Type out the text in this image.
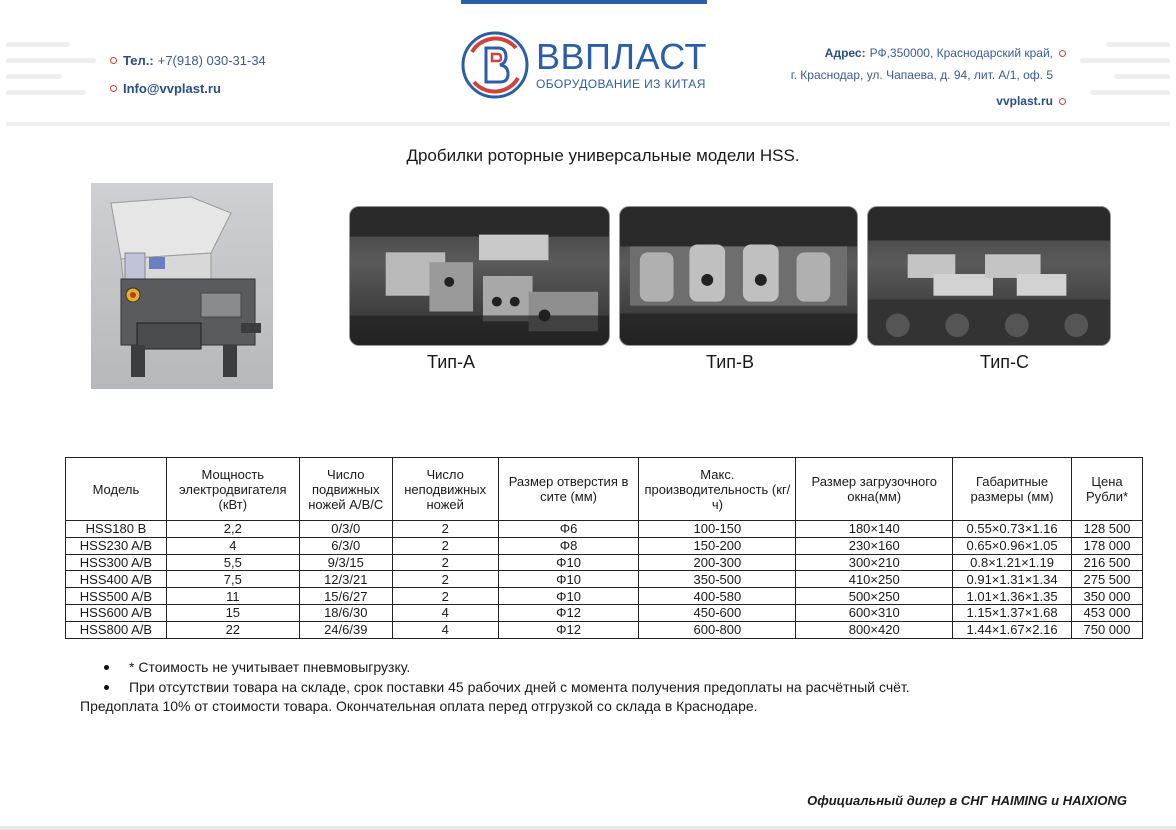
Тел.: +7(918) 030-31-34
Info@vvplast.ru
ВВПЛАСТ
ОБОРУДОВАНИЕ ИЗ КИТАЯ
Адрес: РФ,350000, Краснодарский край,
г. Краснодар, ул. Чапаева, д. 94, лит. А/1, оф. 5
vvplast.ru
Дробилки роторные универсальные модели HSS.
Тип-A	Тип-B	Тип-C
Модель	Мощность электродвигателя (кВт)	Число подвижных ножей A/B/C	Число неподвижных ножей	Размер отверстия в сите (мм)	Макс. производительность (кг/ч)	Размер загрузочного окна(мм)	Габаритные размеры (мм)	Цена Рубли*
HSS180 B	2,2	0/3/0	2	Φ6	100-150	180×140	0.55×0.73×1.16	128 500
HSS230 A/B	4	6/3/0	2	Φ8	150-200	230×160	0.65×0.96×1.05	178 000
HSS300 A/B	5,5	9/3/15	2	Φ10	200-300	300×210	0.8×1.21×1.19	216 500
HSS400 A/B	7,5	12/3/21	2	Φ10	350-500	410×250	0.91×1.31×1.34	275 500
HSS500 A/B	11	15/6/27	2	Φ10	400-580	500×250	1.01×1.36×1.35	350 000
HSS600 A/B	15	18/6/30	4	Φ12	450-600	600×310	1.15×1.37×1.68	453 000
HSS800 A/B	22	24/6/39	4	Φ12	600-800	800×420	1.44×1.67×2.16	750 000
* Стоимость не учитывает пневмовыгрузку.
При отсутствии товара на складе, срок поставки 45 рабочих дней с момента получения предоплаты на расчётный счёт.
Предоплата 10% от стоимости товара. Окончательная оплата перед отгрузкой со склада в Краснодаре.
Официальный дилер в СНГ HAIMING и HAIXIONG
